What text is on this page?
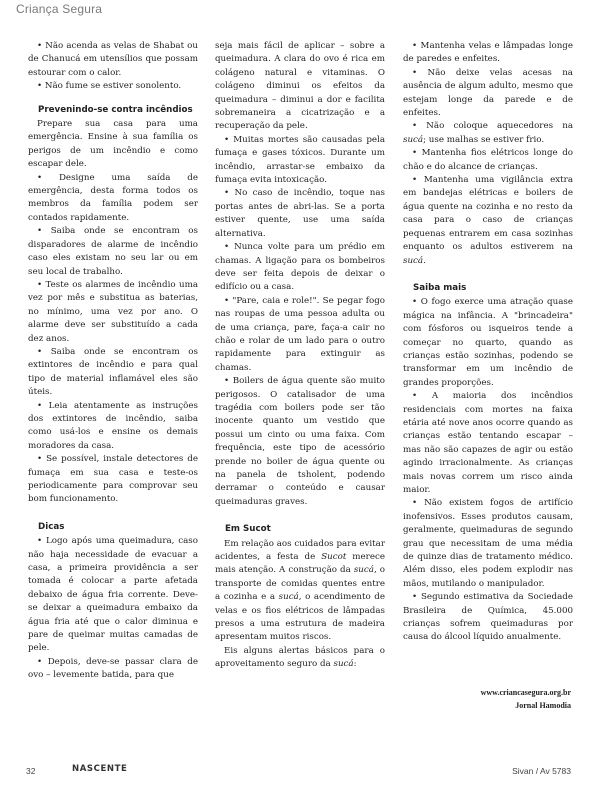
Criança Segura

• Não acenda as velas de Shabat ou de Chanucá em utensílios que possam estourar com o calor.

• Não fume se estiver sonolento.

Prevenindo-se contra incêndios

Prepare sua casa para uma emergência. Ensine à sua família os perigos de um incêndio e como escapar dele.

• Designe uma saída de emergência, desta forma todos os membros da família podem ser contados rapidamente.

• Saiba onde se encontram os disparadores de alarme de incêndio caso eles existam no seu lar ou em seu local de trabalho.

• Teste os alarmes de incêndio uma vez por mês e substitua as baterias, no mínimo, uma vez por ano. O alarme deve ser substituído a cada dez anos.

• Saiba onde se encontram os extintores de incêndio e para qual tipo de material inflamável eles são úteis.

• Leia atentamente as instruções dos extintores de incêndio, saiba como usá-los e ensine os demais moradores da casa.

• Se possível, instale detectores de fumaça em sua casa e teste-os periodicamente para comprovar seu bom funcionamento.

Dicas

• Logo após uma queimadura, caso não haja necessidade de evacuar a casa, a primeira providência a ser tomada é colocar a parte afetada debaixo de água fria corrente. Deve-se deixar a queimadura embaixo da água fria até que o calor diminua e pare de queimar muitas camadas de pele.

• Depois, deve-se passar clara de ovo – levemente batida, para que

seja mais fácil de aplicar – sobre a queimadura. A clara do ovo é rica em colágeno natural e vitaminas. O colágeno diminui os efeitos da queimadura – diminui a dor e facilita sobremaneira a cicatrização e a recuperação da pele.

• Muitas mortes são causadas pela fumaça e gases tóxicos. Durante um incêndio, arrastar-se embaixo da fumaça evita intoxicação.

• No caso de incêndio, toque nas portas antes de abri-las. Se a porta estiver quente, use uma saída alternativa.

• Nunca volte para um prédio em chamas. A ligação para os bombeiros deve ser feita depois de deixar o edifício ou a casa.

• "Pare, caia e role!". Se pegar fogo nas roupas de uma pessoa adulta ou de uma criança, pare, faça-a cair no chão e rolar de um lado para o outro rapidamente para extinguir as chamas.

• Boilers de água quente são muito perigosos. O catalisador de uma tragédia com boilers pode ser tão inocente quanto um vestido que possui um cinto ou uma faixa. Com frequência, este tipo de acessório prende no boiler de água quente ou na panela de tsholent, podendo derramar o conteúdo e causar queimaduras graves.

Em Sucot

Em relação aos cuidados para evitar acidentes, a festa de Sucot merece mais atenção. A construção da sucá, o transporte de comidas quentes entre a cozinha e a sucá, o acendimento de velas e os fios elétricos de lâmpadas presos a uma estrutura de madeira apresentam muitos riscos.

Eis alguns alertas básicos para o aproveitamento seguro da sucá:

• Mantenha velas e lâmpadas longe de paredes e enfeites.

• Não deixe velas acesas na ausência de algum adulto, mesmo que estejam longe da parede e de enfeites.

• Não coloque aquecedores na sucá; use malhas se estiver frio.

• Mantenha fios elétricos longe do chão e do alcance de crianças.

• Mantenha uma vigilância extra em bandejas elétricas e boilers de água quente na cozinha e no resto da casa para o caso de crianças pequenas entrarem em casa sozinhas enquanto os adultos estiverem na sucá.

Saiba mais

• O fogo exerce uma atração quase mágica na infância. A "brincadeira" com fósforos ou isqueiros tende a começar no quarto, quando as crianças estão sozinhas, podendo se transformar em um incêndio de grandes proporções.

• A maioria dos incêndios residenciais com mortes na faixa etária até nove anos ocorre quando as crianças estão tentando escapar – mas não são capazes de agir ou estão agindo irracionalmente. As crianças mais novas correm um risco ainda maior.

• Não existem fogos de artifício inofensivos. Esses produtos causam, geralmente, queimaduras de segundo grau que necessitam de uma média de quinze dias de tratamento médico. Além disso, eles podem explodir nas mãos, mutilando o manipulador.

• Segundo estimativa da Sociedade Brasileira de Química, 45.000 crianças sofrem queimaduras por causa do álcool líquido anualmente.

www.criancasegura.org.br
Jornal Hamodia
32	NASCENTE	Sivan / Av 5783
